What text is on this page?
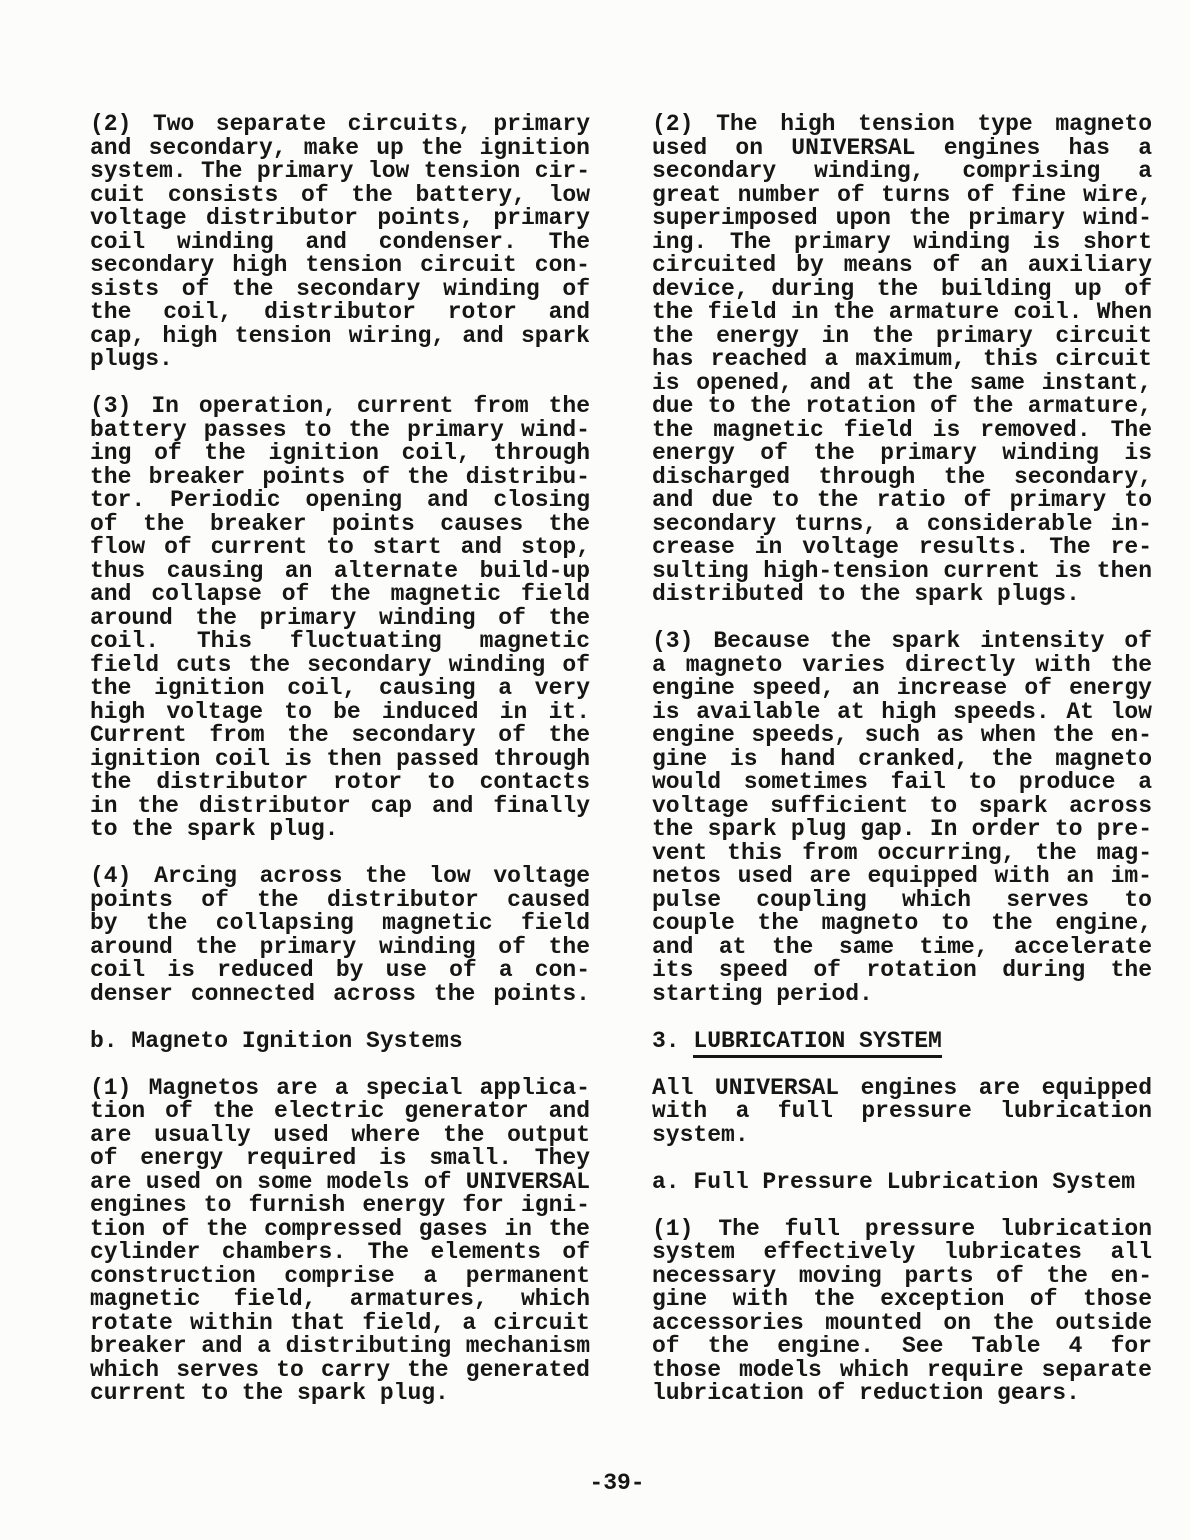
(2) Two separate circuits, primary
and secondary, make up the ignition
system. The primary low tension cir-
cuit consists of the battery, low
voltage distributor points, primary
coil winding and condenser. The
secondary high tension circuit con-
sists of the secondary winding of
the coil, distributor rotor and
cap, high tension wiring, and spark
plugs.
(3) In operation, current from the
battery passes to the primary wind-
ing of the ignition coil, through
the breaker points of the distribu-
tor. Periodic opening and closing
of the breaker points causes the
flow of current to start and stop,
thus causing an alternate build-up
and collapse of the magnetic field
around the primary winding of the
coil. This fluctuating magnetic
field cuts the secondary winding of
the ignition coil, causing a very
high voltage to be induced in it.
Current from the secondary of the
ignition coil is then passed through
the distributor rotor to contacts
in the distributor cap and finally
to the spark plug.
(4) Arcing across the low voltage
points of the distributor caused
by the collapsing magnetic field
around the primary winding of the
coil is reduced by use of a con-
denser connected across the points.
b. Magneto Ignition Systems
(1) Magnetos are a special applica-
tion of the electric generator and
are usually used where the output
of energy required is small. They
are used on some models of UNIVERSAL
engines to furnish energy for igni-
tion of the compressed gases in the
cylinder chambers. The elements of
construction comprise a permanent
magnetic field, armatures, which
rotate within that field, a circuit
breaker and a distributing mechanism
which serves to carry the generated
current to the spark plug.
(2) The high tension type magneto
used on UNIVERSAL engines has a
secondary winding, comprising a
great number of turns of fine wire,
superimposed upon the primary wind-
ing. The primary winding is short
circuited by means of an auxiliary
device, during the building up of
the field in the armature coil. When
the energy in the primary circuit
has reached a maximum, this circuit
is opened, and at the same instant,
due to the rotation of the armature,
the magnetic field is removed. The
energy of the primary winding is
discharged through the secondary,
and due to the ratio of primary to
secondary turns, a considerable in-
crease in voltage results. The re-
sulting high-tension current is then
distributed to the spark plugs.
(3) Because the spark intensity of
a magneto varies directly with the
engine speed, an increase of energy
is available at high speeds. At low
engine speeds, such as when the en-
gine is hand cranked, the magneto
would sometimes fail to produce a
voltage sufficient to spark across
the spark plug gap. In order to pre-
vent this from occurring, the mag-
netos used are equipped with an im-
pulse coupling which serves to
couple the magneto to the engine,
and at the same time, accelerate
its speed of rotation during the
starting period.
3. LUBRICATION SYSTEM
All UNIVERSAL engines are equipped
with a full pressure lubrication
system.
a. Full Pressure Lubrication System
(1) The full pressure lubrication
system effectively lubricates all
necessary moving parts of the en-
gine with the exception of those
accessories mounted on the outside
of the engine. See Table 4 for
those models which require separate
lubrication of reduction gears.
-39-
